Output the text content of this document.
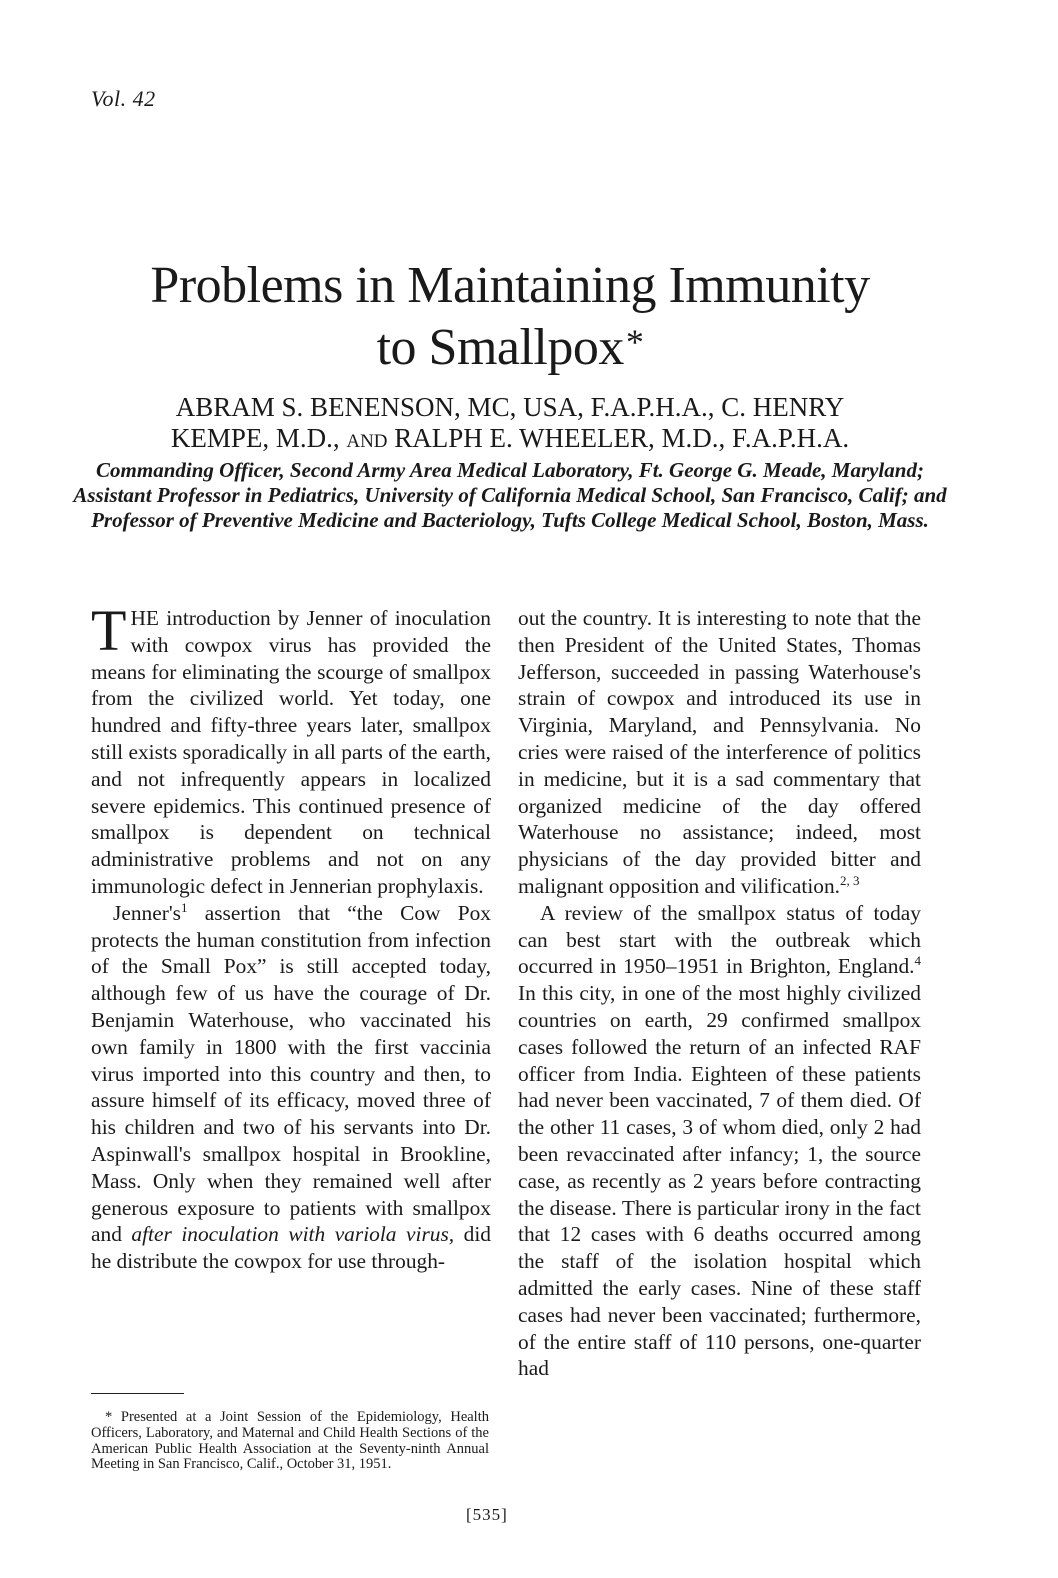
Vol. 42
Problems in Maintaining Immunity
to Smallpox*
ABRAM S. BENENSON, MC, USA, F.A.P.H.A., C. HENRY
KEMPE, M.D., AND RALPH E. WHEELER, M.D., F.A.P.H.A.
Commanding Officer, Second Army Area Medical Laboratory, Ft. George G. Meade, Maryland; Assistant Professor in Pediatrics, University of California Medical School, San Francisco, Calif; and Professor of Preventive Medicine and Bacteriology, Tufts College Medical School, Boston, Mass.

THE introduction by Jenner of inoculation with cowpox virus has provided the means for eliminating the scourge of smallpox from the civilized world. Yet today, one hundred and fifty-three years later, smallpox still exists sporadically in all parts of the earth, and not infrequently appears in localized severe epidemics. This continued presence of smallpox is dependent on technical administrative problems and not on any immunologic defect in Jennerian prophylaxis.

$Jenner's^1$ assertion that “the Cow Pox protects the human constitution from infection of the Small Pox” is still accepted today, although few of us have the courage of Dr. Benjamin Waterhouse, who vaccinated his own family in 1800 with the first vaccinia virus imported into this country and then, to assure himself of its efficacy, moved three of his children and two of his servants into Dr. Aspinwall's smallpox hospital in Brookline, Mass. Only when they remained well after generous exposure to patients with smallpox and after inoculation with variola virus, did he distribute the cowpox for use through-

out the country. It is interesting to note that the then President of the United States, Thomas Jefferson, succeeded in passing Waterhouse's strain of cowpox and introduced its use in Virginia, Maryland, and Pennsylvania. No cries were raised of the interference of politics in medicine, but it is a sad commentary that organized medicine of the day offered Waterhouse no assistance; indeed, most physicians of the day provided bitter and malignant opposition and vilification.$^{2, 3}$

A review of the smallpox status of today can best start with the outbreak which occurred in 1950–1951 in Brighton, England.$^4$ In this city, in one of the most highly civilized countries on earth, 29 confirmed smallpox cases followed the return of an infected RAF officer from India. Eighteen of these patients had never been vaccinated, 7 of them died. Of the other 11 cases, 3 of whom died, only 2 had been revaccinated after infancy; 1, the source case, as recently as 2 years before contracting the disease. There is particular irony in the fact that 12 cases with 6 deaths occurred among the staff of the isolation hospital which admitted the early cases. Nine of these staff cases had never been vaccinated; furthermore, of the entire staff of 110 persons, one-quarter had

* Presented at a Joint Session of the Epidemiology, Health Officers, Laboratory, and Maternal and Child Health Sections of the American Public Health Association at the Seventy-ninth Annual Meeting in San Francisco, Calif., October 31, 1951.
[535]
